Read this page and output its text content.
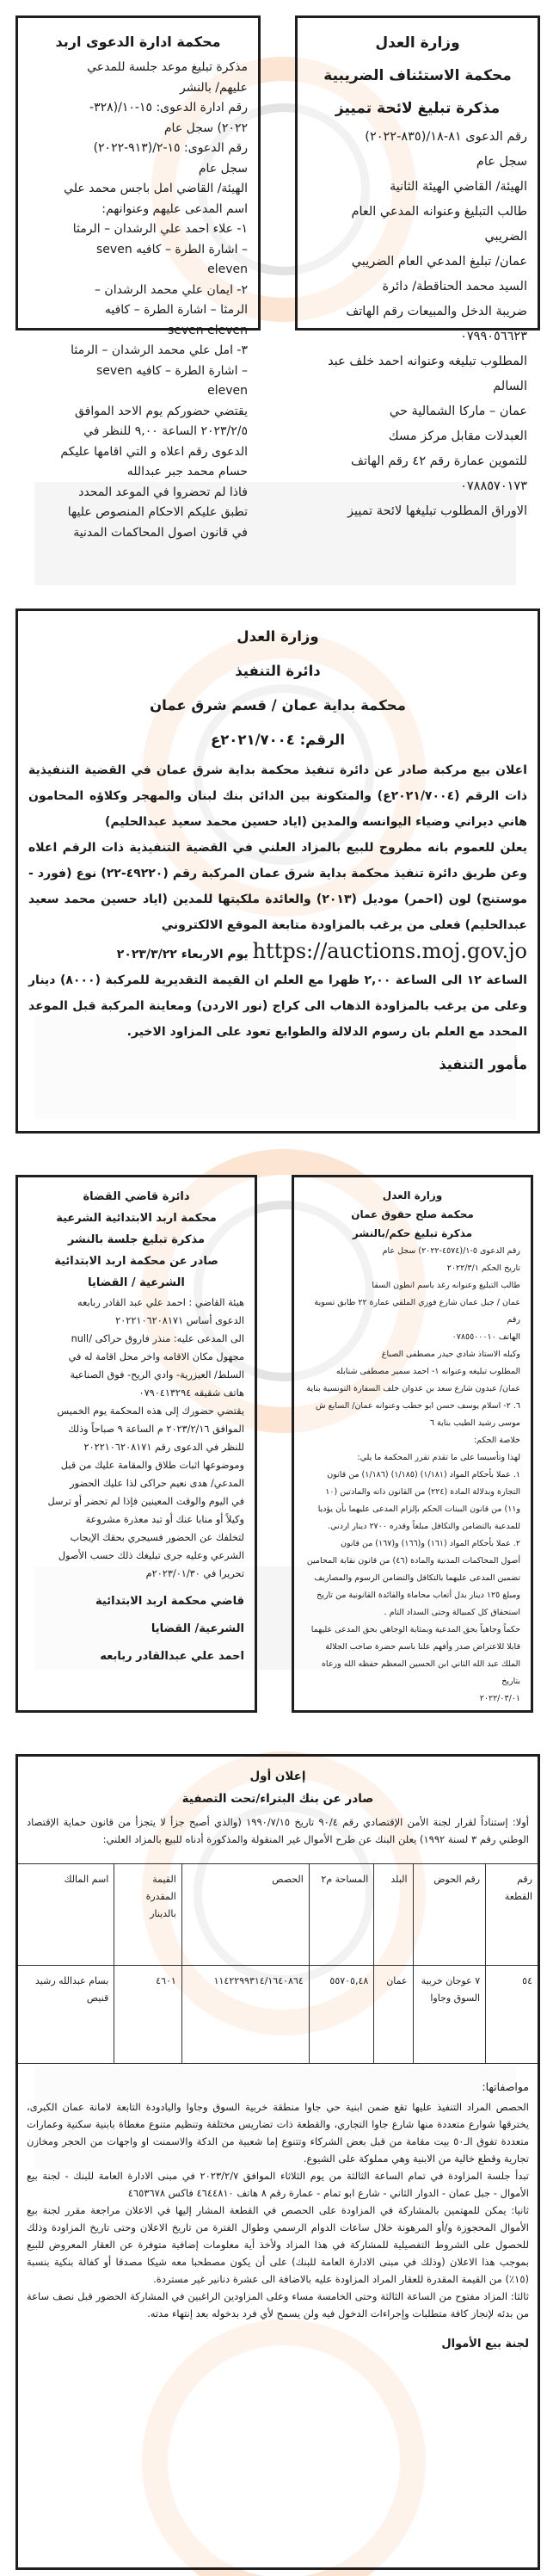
وزارة العدل
محكمة الاستئناف الضريبية
مذكرة تبليغ لائحة تمييز
رقم الدعوى ٨١-١٨/(٨٣٥-٢٠٢٢)
سجل عام
الهيئة/ القاضي الهيئة الثانية
طالب التبليغ وعنوانه المدعي العام
الضريبي
عمان/ تبليغ المدعي العام الضريبي
السيد محمد الحناقطة/ دائرة
ضريبة الدخل والمبيعات رقم الهاتف
٠٧٩٩٠٥٦٦٢٣
المطلوب تبليغه وعنوانه احمد خلف عبد
السالم
عمان – ماركا الشمالية حي
العبدلات مقابل مركز مسك
للتموين عمارة رقم ٤٢ رقم الهاتف
٠٧٨٨٥٧٠١٧٣
الاوراق المطلوب تبليغها لائحة تمييز
محكمة ادارة الدعوى اربد
مذكرة تبليغ موعد جلسة للمدعي
عليهم/ بالنشر
رقم ادارة الدعوى: ١٥-١٠/(٣٢٨-
٢٠٢٢) سجل عام
رقم الدعوى: ١٥-٢/(٩١٣-٢٠٢٢)
سجل عام
الهيئة/ القاضي امل باجس محمد علي
اسم المدعى عليهم وعنوانهم:
١- علاء احمد علي الرشدان – الرمثا
– اشارة الطرة – كافيه seven
eleven
٢- ايمان علي محمد الرشدان –
الرمثا – اشارة الطرة – كافيه
seven eleven
٣- امل علي محمد الرشدان – الرمثا
– اشارة الطرة – كافيه seven
eleven
يقتضي حضوركم يوم الاحد الموافق
٢٠٢٣/٢/٥ الساعة ٩,٠٠ للنظر في
الدعوى رقم اعلاه و التي اقامها عليكم
حسام محمد جبر عبدالله
فاذا لم تحضروا في الموعد المحدد
تطبق عليكم الاحكام المنصوص عليها
في قانون اصول المحاكمات المدنية
وزارة العدل
دائرة التنفيذ
محكمة بداية عمان / قسم شرق عمان
الرقم: ٢٠٢١/٧٠٠٤ع

اعلان بيع مركبة صادر عن دائرة تنفيذ محكمة بداية شرق عمان في القضية التنفيذية ذات الرقم (٢٠٢١/٧٠٠٤ع) والمتكونة بين الدائن بنك لبنان والمهجر وكلاؤه المحامون هاني ديراني وضياء اليوانسه والمدين (اياد حسين محمد سعيد عبدالحليم)

يعلن للعموم بانه مطروح للبيع بالمزاد العلني في القضية التنفيذية ذات الرقم اعلاه وعن طريق دائرة تنفيذ محكمة بداية شرق عمان المركبة رقم (٤٩٢٢٠-٢٢) نوع (فورد - موستنج) لون (احمر) موديل (٢٠١٣) والعائدة ملكيتها للمدين (اياد حسين محمد سعيد عبدالحليم) فعلى من يرغب بالمزاودة متابعة الموقع الالكتروني

https://auctions.moj.gov.jo يوم الاربعاء ٢٠٢٣/٣/٢٢

الساعة ١٢ الى الساعة ٢,٠٠ ظهرا مع العلم ان القيمة التقديرية للمركبة (٨٠٠٠) دينار وعلى من يرغب بالمزاودة الذهاب الى كراج (نور الاردن) ومعاينة المركبة قبل الموعد المحدد مع العلم بان رسوم الدلالة والطوابع تعود على المزاود الاخير.

مأمور التنفيذ
وزارة العدل
محكمة صلح حقوق عمان
مذكرة تبليغ حكم/بالنشر
رقم الدعوى ٥-١/(٤٥٧٤-٢٠٢٢) سجل عام
تاريخ الحكم ٢٠٢٢/٣/١
طالب التبليغ وعنوانه رغد باسم انطون السقا
عمان / جبل عمان شارع فوزي الملقي عمارة ٢٢ طابق تسوية رقم
الهاتف ٠٧٨٥٥٠٠٠١٠
وكيله الاستاذ شادي حيدر مصطفى الصباغ
المطلوب تبليغه وعنوانه ١- احمد سمير مصطفى شنابله
عمان/ عبدون شارع سعد بن عدوان خلف السفارة التونسية بناية
٦. ٢- اسلام يوسف حسن ابو حطب وعنوانه عمان/ السابع ش
موسى رشيد الطيب بناية ٦
خلاصة الحكم:
لهذا وتأسيسا على ما تقدم تقرر المحكمة ما يلي:
١. عملا بأحكام المواد (١/١٨١) (١/١٨٥) (١/١٨٦) من قانون
التجارة وبدلالة المادة (٢٢٤) من القانون ذاته والمادتين (١٠
و١١) من قانون البينات الحكم بإلزام المدعى عليهما بأن يؤديا
للمدعية بالتضامن والتكافل مبلغاً وقدره ٢٧٠٠ دينار اردني.
٢. عملا بأحكام المواد (١٦١) و(١٦٦) و(١٦٧) من قانون
أصول المحاكمات المدنية والمادة (٤٦) من قانون نقابة المحامين
تضمين المدعى عليهما بالتكافل والتضامن الرسوم والمصاريف
ومبلغ ١٢٥ دينار بدل أتعاب محاماة والفائدة القانونية من تاريخ
استحقاق كل كمبيالة وحتى السداد التام .
حكماً وجاهياً بحق المدعية وبمثابة الوجاهي بحق المدعى عليهما
قابلا للاعتراض صدر وأفهم علنا باسم حضرة صاحب الجلالة
الملك عبد الله الثاني ابن الحسين المعظم حفظه الله ورعاه بتاريخ
٢٠٢٢/٠٣/٠١
دائرة قاضي القضاة
محكمة اربد الابتدائية الشرعية
مذكرة تبليغ جلسة بالنشر
صادر عن محكمة اربد الابتدائية
الشرعية / القضايا
هيئة القاضي : احمد علي عبد القادر ربابعه
الدعوى أساس ٢٠٢٢١٠٦٢٠٨١٧١
الى المدعى عليه: منذر فاروق حراكى /null
مجهول مكان الاقامه واخر محل اقامة له في
السلط/ العيزرية- وادي الريح- فوق الصناعية
هاتف شقيقه ٠٧٩٠٤١٣٢٩٤
يقتضي حضورك إلى هذه المحكمة يوم الخميس
الموافق ٢٠٢٣/٢/١٦ م الساعة ٩ صباحاً وذلك
للنظر في الدعوى رقم ٢٠٢٢١٠٦٢٠٨١٧١
وموضوعها اثبات طلاق والمقامة عليك من قبل
المدعي/ هدى نعيم حراكى لذا عليك الحضور
في اليوم والوقت المعينين فإذا لم تحضر أو ترسل
وكيلاً أو منابا عنك أو تبد معذرة مشروعة
لتخلفك عن الحضور فسيجري بحقك الإيجاب
الشرعي وعليه جرى تبليغك ذلك حسب الأصول
تحريرا في ٢٠٢٣/٠١/٣٠م
قاضي محكمة اربد الابتدائية
الشرعية/ القضايا
احمد علي عبدالقادر ربابعه
إعلان أول
صادر عن بنك البتراء/تحت التصفية

أولا: إستناداً لقرار لجنة الأمن الإقتصادي رقم ٩٠/٤ تاريخ ١٩٩٠/٧/١٥ (والذي أصبح جزأ لا يتجزأ من قانون حماية الإقتصاد الوطني رقم ٣ لسنة ١٩٩٢) يعلن البنك عن طرح الأموال غير المنقولة والمذكورة أدناه للبيع بالمزاد العلني:

رقم القطعة	رقم الحوض	البلد	المساحة م٢	الحصص	القيمة المقدرة بالدينار	اسم المالك
٥٤	٧ عوجان خربية السوق وجاوا	عمان	٥٥٧٠٥,٤٨	١١٤٢٢٩٩٣١٤/١٦٤٠٨٦٤	٤٦٠١	بسام عبدالله رشيد قنيص
مواصفاتها:

الحصص المراد التنفيذ عليها تقع ضمن ابنية حي جاوا منطقة خربية السوق وجاوا واليادودة التابعة لامانة عمان الكبرى، يخترقها شوارع متعددة منها شارع جاوا التجاري، والقطعة ذات تضاريس مختلفة وتنظيم متنوع مغطاة بابنية سكنية وعمارات متعددة تفوق الـ٥٠ بيت مقامة من قبل بعض الشركاء وتتنوع إما شعبية من الدكة والاسمنت او واجهات من الحجر ومخازن تجارية وقطع خالية من الابنية وهي مملوكة على الشيوع.

تبدأ جلسة المزاودة في تمام الساعة الثالثة من يوم الثلاثاء الموافق ٢٠٢٣/٢/٧ في مبنى الادارة العامة للبنك - لجنة بيع الأموال - جبل عمان - الدوار الثاني - شارع ابو تمام - عمارة رقم ٨ هاتف ٤٦٤٤٨١٠ فاكس ٤٦٥٣٦٧٨

ثانيا: يمكن للمهتمين بالمشاركة في المزاودة على الحصص في القطعة المشار إليها في الاعلان مراجعة مقرر لجنة بيع الأموال المحجوزة و/أو المرهونة خلال ساعات الدوام الرسمي وطوال الفترة من تاريخ الاعلان وحتى تاريخ المزاودة وذلك للحصول على الشروط التفصيلية للمشاركة في هذا المزاد ولأخذ أية معلومات إضافية متوفرة عن العقار المعروض للبيع بموجب هذا الاعلان (وذلك في مبنى الادارة العامة للبنك) على أن يكون مصطحبا معه شيكا مصدقا أو كفالة بنكية بنسبة (١٥٪) من القيمة المقدرة للعقار المراد المزاودة عليه بالاضافة الى عشرة دنانير غير مستردة.

ثالثا: المزاد مفتوح من الساعة الثالثة وحتى الخامسة مساء وعلى المزاودين الراغبين في المشاركة الحضور قبل نصف ساعة من بدئه لإنجاز كافة متطلبات وإجراءات الدخول فيه ولن يسمح لأي فرد بدخوله بعد إنتهاء مدته.

لجنة بيع الأموال
